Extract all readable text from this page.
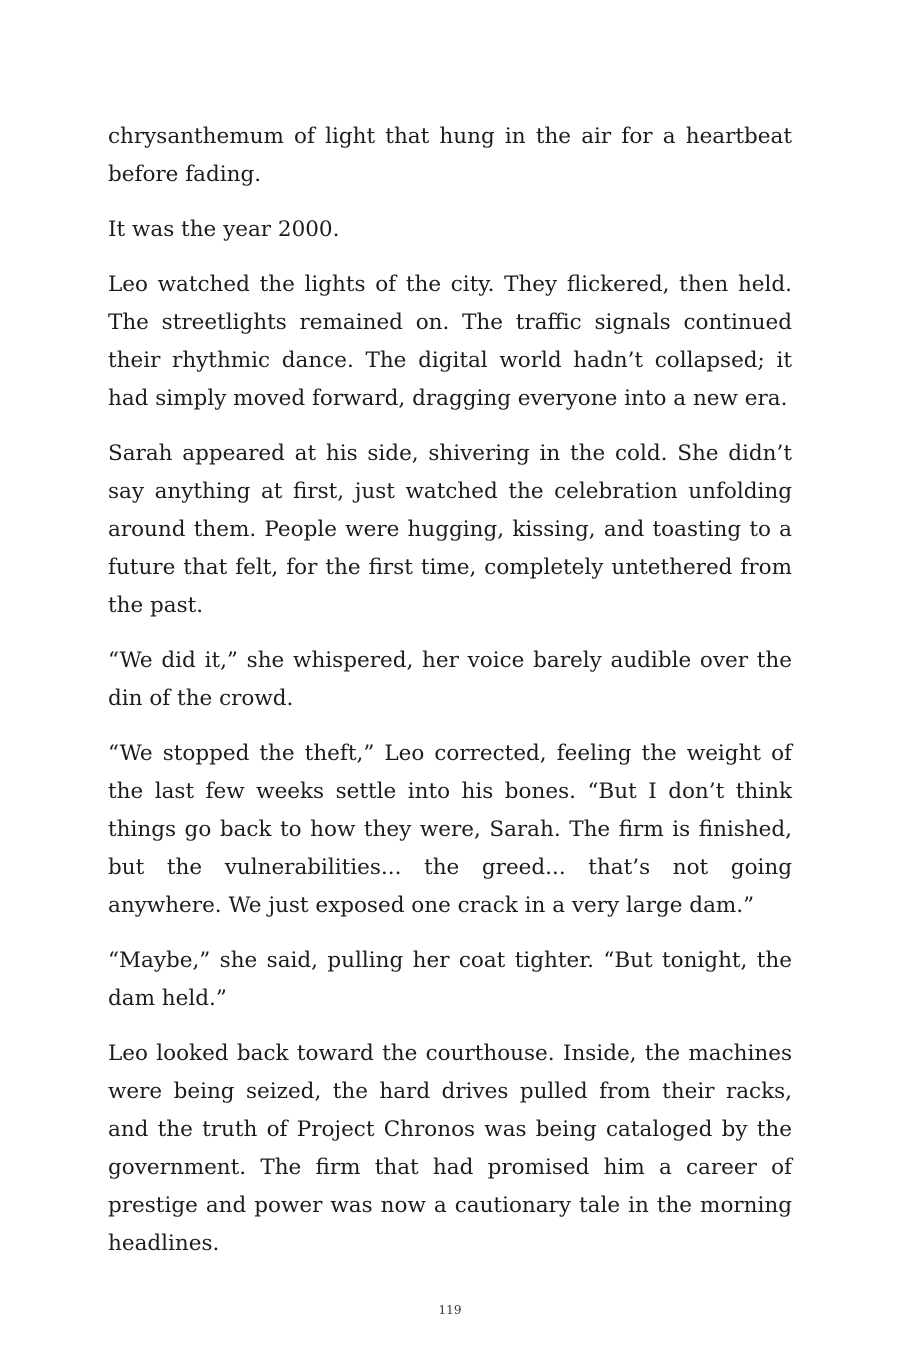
chrysanthemum of light that hung in the air for a heartbeat before fading.

It was the year 2000.

Leo watched the lights of the city. They flickered, then held. The streetlights remained on. The traffic signals continued their rhythmic dance. The digital world hadn’t collapsed; it had simply moved forward, dragging everyone into a new era.

Sarah appeared at his side, shivering in the cold. She didn’t say anything at first, just watched the celebration unfolding around them. People were hugging, kissing, and toasting to a future that felt, for the first time, completely untethered from the past.

“We did it,” she whispered, her voice barely audible over the din of the crowd.

“We stopped the theft,” Leo corrected, feeling the weight of the last few weeks settle into his bones. “But I don’t think things go back to how they were, Sarah. The firm is finished, but the vulnerabilities... the greed... that’s not going anywhere. We just exposed one crack in a very large dam.”

“Maybe,” she said, pulling her coat tighter. “But tonight, the dam held.”

Leo looked back toward the courthouse. Inside, the machines were being seized, the hard drives pulled from their racks, and the truth of Project Chronos was being cataloged by the government. The firm that had promised him a career of prestige and power was now a cautionary tale in the morning headlines.

119
